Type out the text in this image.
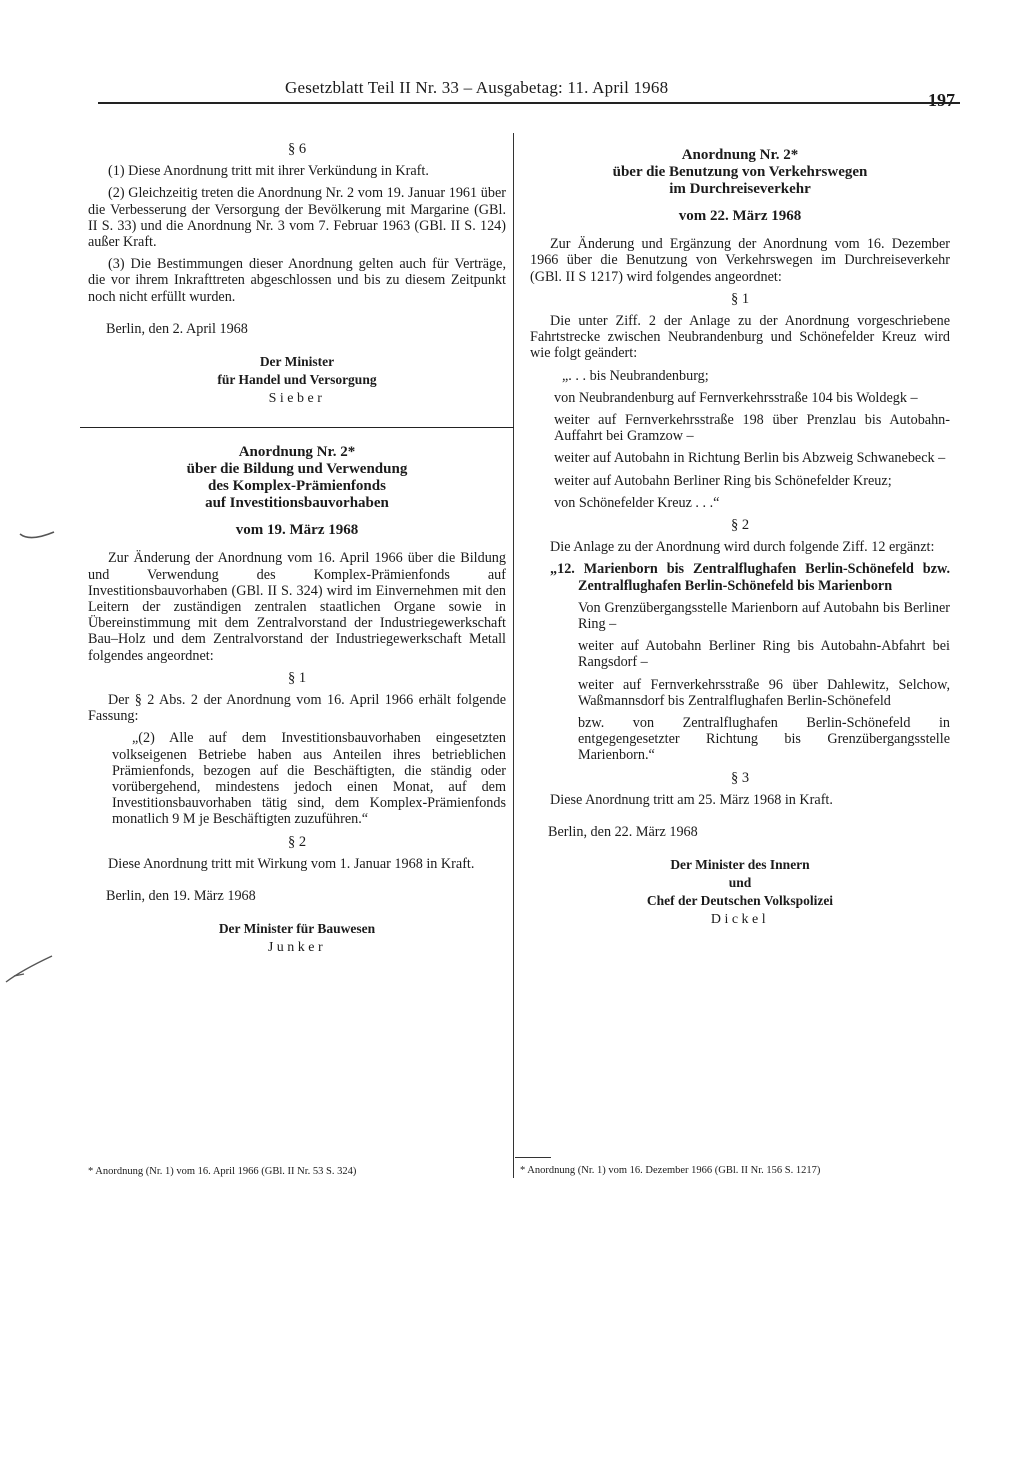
Gesetzblatt Teil II Nr. 33 – Ausgabetag: 11. April 1968
197
§ 6

(1) Diese Anordnung tritt mit ihrer Verkündung in Kraft.

(2) Gleichzeitig treten die Anordnung Nr. 2 vom 19. Januar 1961 über die Verbesserung der Versorgung der Bevölkerung mit Margarine (GBl. II S. 33) und die Anordnung Nr. 3 vom 7. Februar 1963 (GBl. II S. 124) außer Kraft.

(3) Die Bestimmungen dieser Anordnung gelten auch für Verträge, die vor ihrem Inkrafttreten abgeschlossen und bis zu diesem Zeitpunkt noch nicht erfüllt wurden.

Berlin, den 2. April 1968
Der Minister
für Handel und Versorgung
Sieber
Anordnung Nr. 2*
über die Bildung und Verwendung
des Komplex-Prämienfonds
auf Investitionsbauvorhaben
vom 19. März 1968

Zur Änderung der Anordnung vom 16. April 1966 über die Bildung und Verwendung des Komplex-Prämienfonds auf Investitionsbauvorhaben (GBl. II S. 324) wird im Einvernehmen mit den Leitern der zuständigen zentralen staatlichen Organe sowie in Übereinstimmung mit dem Zentralvorstand der Industriegewerkschaft Bau–Holz und dem Zentralvorstand der Industriegewerkschaft Metall folgendes angeordnet:

§ 1

Der § 2 Abs. 2 der Anordnung vom 16. April 1966 erhält folgende Fassung:

„(2) Alle auf dem Investitionsbauvorhaben eingesetzten volkseigenen Betriebe haben aus Anteilen ihres betrieblichen Prämienfonds, bezogen auf die Beschäftigten, die ständig oder vorübergehend, mindestens jedoch einen Monat, auf dem Investitionsbauvorhaben tätig sind, dem Komplex-Prämienfonds monatlich 9 M je Beschäftigten zuzuführen.“

§ 2

Diese Anordnung tritt mit Wirkung vom 1. Januar 1968 in Kraft.

Berlin, den 19. März 1968
Der Minister für Bauwesen
Junker
* Anordnung (Nr. 1) vom 16. April 1966 (GBl. II Nr. 53 S. 324)
Anordnung Nr. 2*
über die Benutzung von Verkehrswegen
im Durchreiseverkehr
vom 22. März 1968

Zur Änderung und Ergänzung der Anordnung vom 16. Dezember 1966 über die Benutzung von Verkehrswegen im Durchreiseverkehr (GBl. II S 1217) wird folgendes angeordnet:

§ 1

Die unter Ziff. 2 der Anlage zu der Anordnung vorgeschriebene Fahrtstrecke zwischen Neubrandenburg und Schönefelder Kreuz wird wie folgt geändert:

„. . . bis Neubrandenburg;

von Neubrandenburg auf Fernverkehrsstraße 104 bis Woldegk –

weiter auf Fernverkehrsstraße 198 über Prenzlau bis Autobahn-Auffahrt bei Gramzow –

weiter auf Autobahn in Richtung Berlin bis Abzweig Schwanebeck –

weiter auf Autobahn Berliner Ring bis Schönefelder Kreuz;

von Schönefelder Kreuz . . .“

§ 2

Die Anlage zu der Anordnung wird durch folgende Ziff. 12 ergänzt:

„12. Marienborn bis Zentralflughafen Berlin-Schönefeld bzw. Zentralflughafen Berlin-Schönefeld bis Marienborn

Von Grenzübergangsstelle Marienborn auf Autobahn bis Berliner Ring –

weiter auf Autobahn Berliner Ring bis Autobahn-Abfahrt bei Rangsdorf –

weiter auf Fernverkehrsstraße 96 über Dahlewitz, Selchow, Waßmannsdorf bis Zentralflughafen Berlin-Schönefeld

bzw. von Zentralflughafen Berlin-Schönefeld in entgegengesetzter Richtung bis Grenzübergangsstelle Marienborn.“

§ 3

Diese Anordnung tritt am 25. März 1968 in Kraft.

Berlin, den 22. März 1968
Der Minister des Innern
und
Chef der Deutschen Volkspolizei
Dickel
* Anordnung (Nr. 1) vom 16. Dezember 1966 (GBl. II Nr. 156 S. 1217)
